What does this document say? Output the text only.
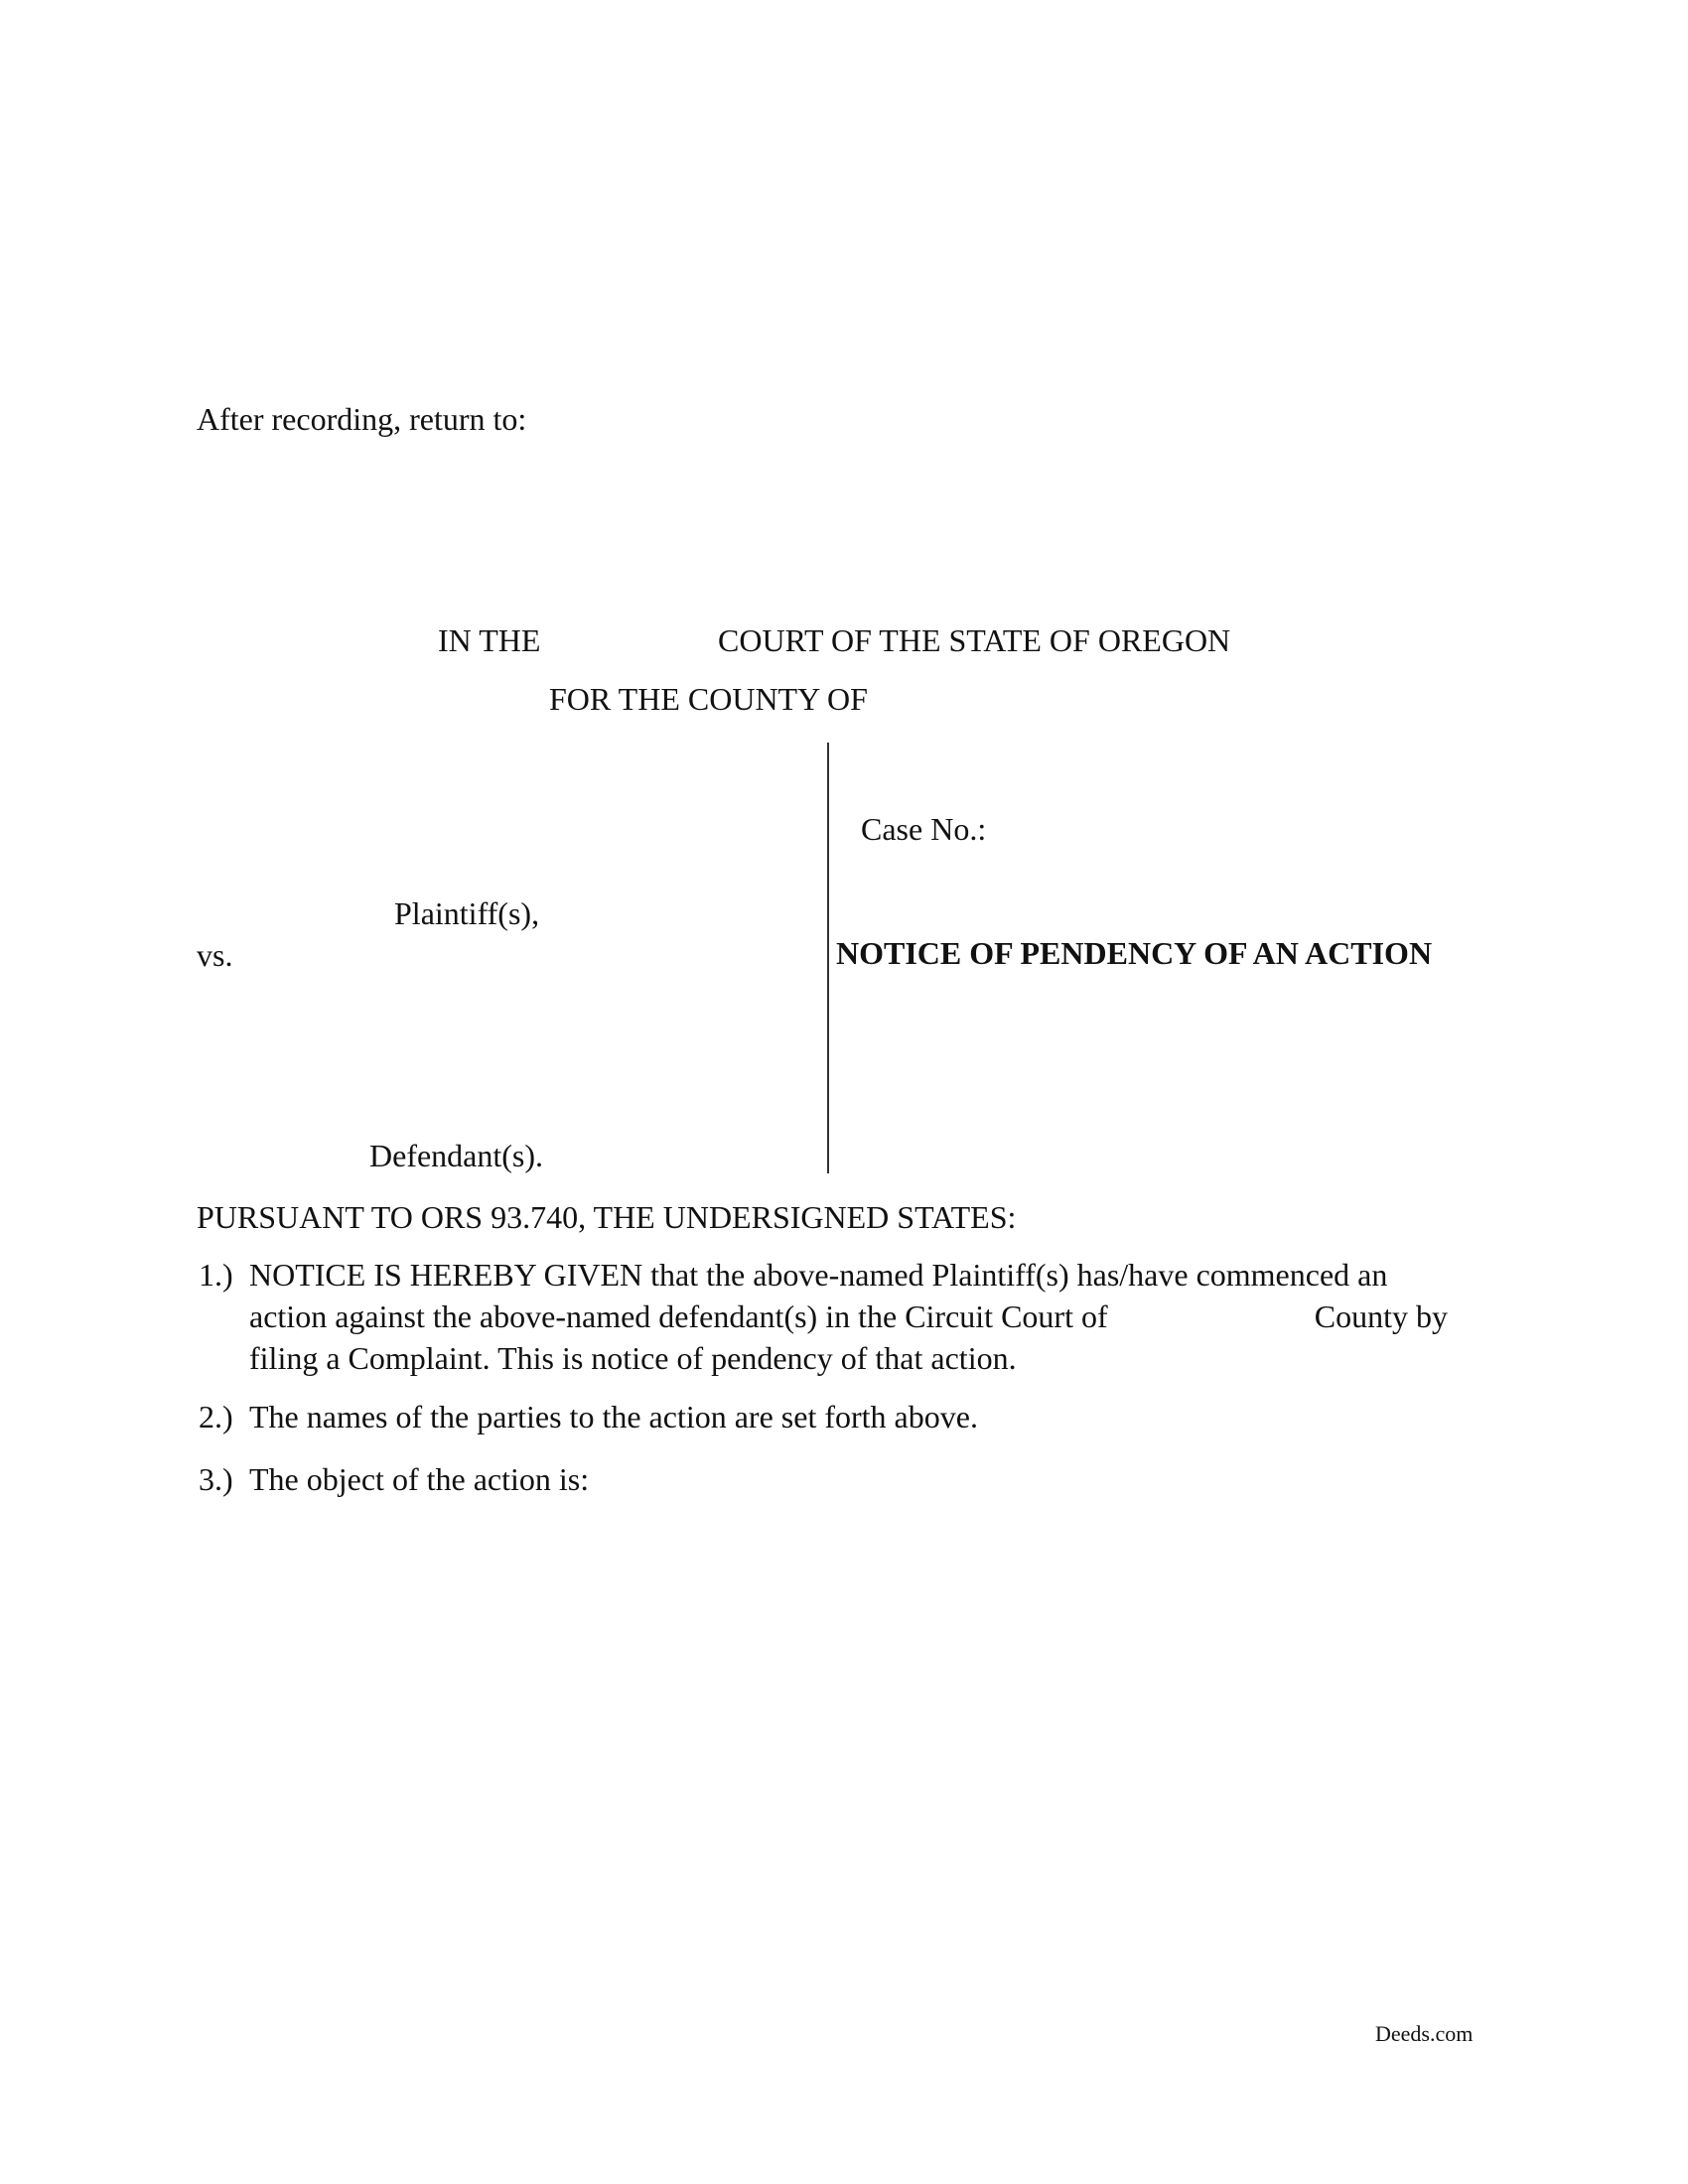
After recording, return to:
IN THE	COURT OF THE STATE OF OREGON
FOR THE COUNTY OF
Case No.:
Plaintiff(s),
vs.	NOTICE OF PENDENCY OF AN ACTION
Defendant(s).
PURSUANT TO ORS 93.740, THE UNDERSIGNED STATES:
1.) NOTICE IS HEREBY GIVEN that the above-named Plaintiff(s) has/have commenced an
action against the above-named defendant(s) in the Circuit Court of	County by
filing a Complaint. This is notice of pendency of that action.
2.) The names of the parties to the action are set forth above.
3.) The object of the action is:
Deeds.com
